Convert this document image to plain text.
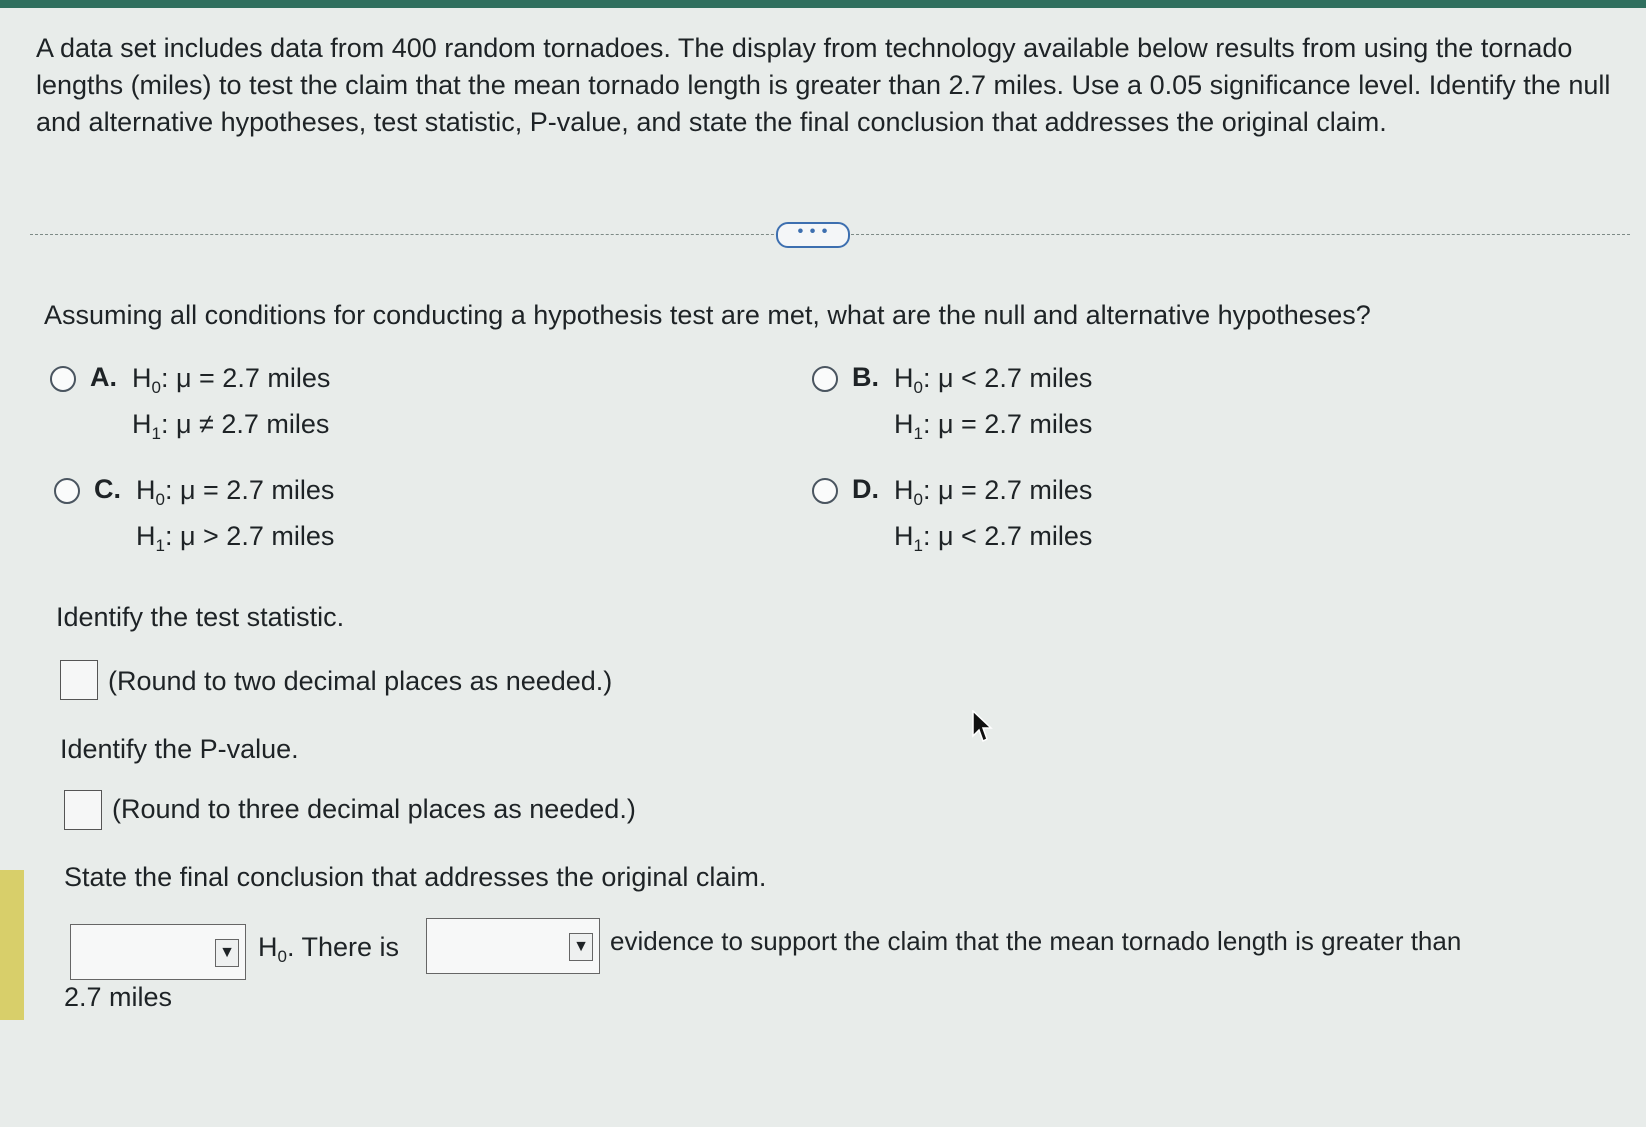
A data set includes data from 400 random tornadoes. The display from technology available below results from using the tornado lengths (miles) to test the claim that the mean tornado length is greater than 2.7 miles. Use a 0.05 significance level. Identify the null and alternative hypotheses, test statistic, P-value, and state the final conclusion that addresses the original claim.
• • •
Assuming all conditions for conducting a hypothesis test are met, what are the null and alternative hypotheses?
A. $H_0$: μ = 2.7 miles
$H_1$: μ ≠ 2.7 miles
B. $H_0$: μ < 2.7 miles
$H_1$: μ = 2.7 miles
C. $H_0$: μ = 2.7 miles
$H_1$: μ > 2.7 miles
D. $H_0$: μ = 2.7 miles
$H_1$: μ < 2.7 miles
Identify the test statistic.
(Round to two decimal places as needed.)
Identify the P-value.
(Round to three decimal places as needed.)
State the final conclusion that addresses the original claim.
▼ $H_0$. There is	▼ evidence to support the claim that the mean tornado length is greater than
2.7 miles
